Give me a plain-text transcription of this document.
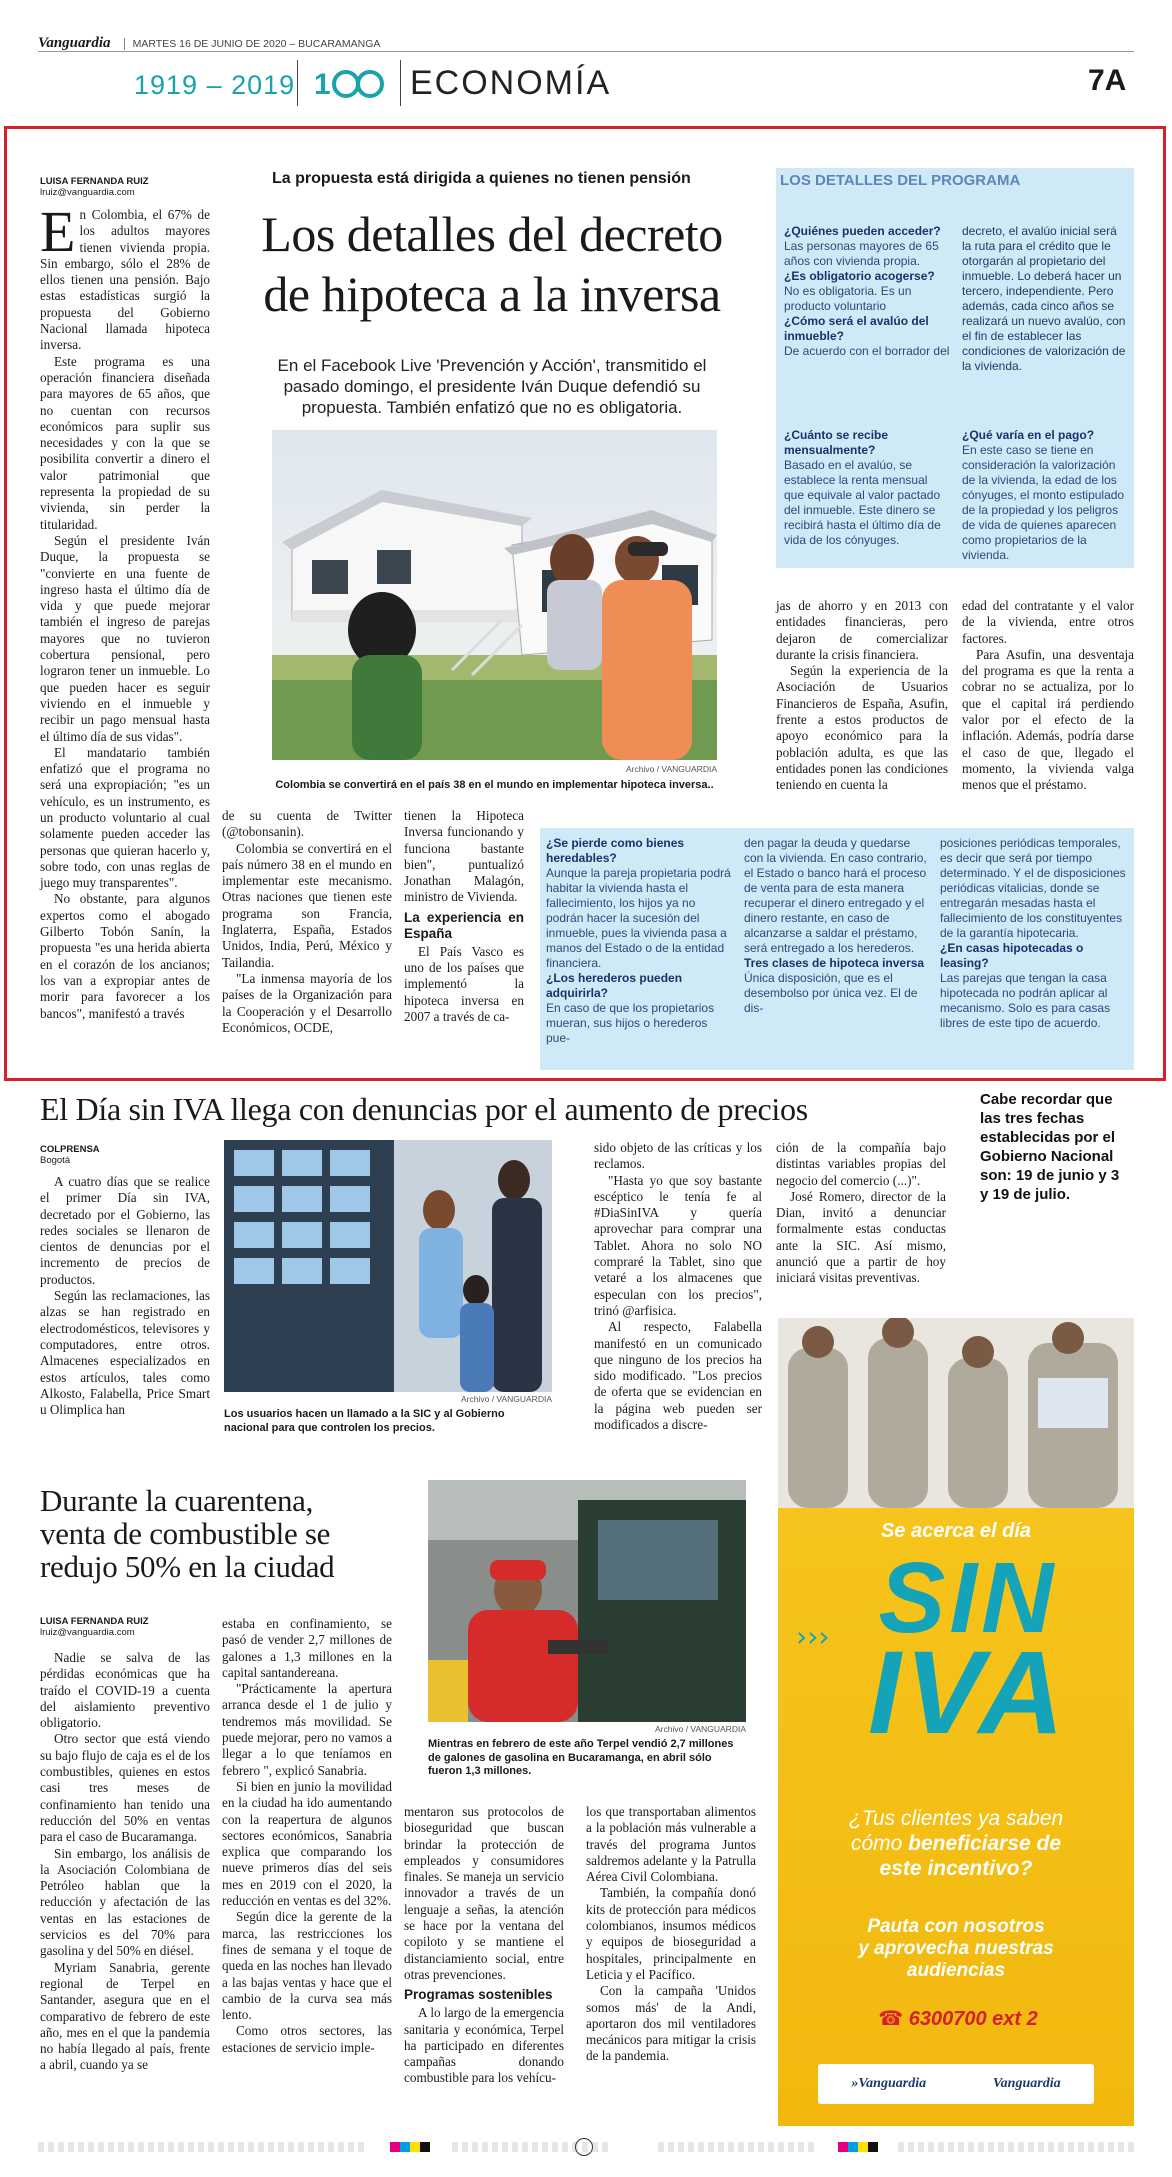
Vanguardia MARTES 16 DE JUNIO DE 2020 – BUCARAMANGA
1919 – 2019 1 ECONOMÍA	7A
LUISA FERNANDA RUIZ
lruiz@vanguardia.com
La propuesta está dirigida a quienes no tienen pensión
Los detalles del decreto
de hipoteca a la inversa
En el Facebook Live 'Prevención y Acción', transmitido el pasado domingo, el presidente Iván Duque defendió su propuesta. También enfatizó que no es obligatoria.
E n Colombia, el 67% de los adultos mayores tienen vivienda propia. Sin embargo, sólo el 28% de ellos tienen una pensión. Bajo estas estadísticas surgió la propuesta del Gobierno Nacional llamada hipoteca inversa.

Este programa es una operación financiera diseñada para mayores de 65 años, que no cuentan con recursos económicos para suplir sus necesidades y con la que se posibilita convertir a dinero el valor patrimonial que representa la propiedad de su vivienda, sin perder la titularidad.

Según el presidente Iván Duque, la propuesta se "convierte en una fuente de ingreso hasta el último día de vida y que puede mejorar también el ingreso de parejas mayores que no tuvieron cobertura pensional, pero lograron tener un inmueble. Lo que pueden hacer es seguir viviendo en el inmueble y recibir un pago mensual hasta el último día de sus vidas".

El mandatario también enfatizó que el programa no será una expropiación; "es un vehículo, es un instrumento, es un producto voluntario al cual solamente pueden acceder las personas que quieran hacerlo y, sobre todo, con unas reglas de juego muy transparentes".

No obstante, para algunos expertos como el abogado Gilberto Tobón Sanín, la propuesta "es una herida abierta en el corazón de los ancianos; los van a expropiar antes de morir para favorecer a los bancos", manifestó a través

Archivo / VANGUARDIA
Colombia se convertirá en el país 38 en el mundo en implementar hipoteca inversa..

de su cuenta de Twitter (@tobonsanin).

Colombia se convertirá en el país número 38 en el mundo en implementar este mecanismo. Otras naciones que tienen este programa son Francia, Inglaterra, España, Estados Unidos, India, Perú, México y Tailandia.

"La inmensa mayoría de los países de la Organización para la Cooperación y el Desarrollo Económicos, OCDE,

tienen la Hipoteca Inversa funcionando y funciona bastante bien", puntualizó Jonathan Malagón, ministro de Vivienda.

La experiencia en España

El País Vasco es uno de los países que implementó la hipoteca inversa en 2007 a través de ca-

jas de ahorro y en 2013 con entidades financieras, pero dejaron de comercializar durante la crisis financiera.

Según la experiencia de la Asociación de Usuarios Financieros de España, Asufin, frente a estos productos de apoyo económico para la población adulta, es que las entidades ponen las condiciones teniendo en cuenta la

edad del contratante y el valor de la vivienda, entre otros factores.

Para Asufin, una desventaja del programa es que la renta a cobrar no se actualiza, por lo que el capital irá perdiendo valor por el efecto de la inflación. Además, podría darse el caso de que, llegado el momento, la vivienda valga menos que el préstamo.

LOS DETALLES DEL PROGRAMA
¿Quiénes pueden acceder?
Las personas mayores de 65 años con vivienda propia.
¿Es obligatorio acogerse?
No es obligatoria. Es un producto voluntario
¿Cómo será el avalúo del inmueble?
De acuerdo con el borrador del
decreto, el avalúo inicial será la ruta para el crédito que le otorgarán al propietario del inmueble. Lo deberá hacer un tercero, independiente. Pero además, cada cinco años se realizará un nuevo avalúo, con el fin de establecer las condiciones de valorización de la vivienda.
¿Cuánto se recibe mensualmente?
Basado en el avalúo, se establece la renta mensual que equivale al valor pactado del inmueble. Este dinero se recibirá hasta el último día de vida de los cónyuges.
¿Qué varía en el pago?
En este caso se tiene en consideración la valorización de la vivienda, la edad de los cónyuges, el monto estipulado de la propiedad y los peligros de vida de quienes aparecen como propietarios de la vivienda.
¿Se pierde como bienes heredables?
Aunque la pareja propietaria podrá habitar la vivienda hasta el fallecimiento, los hijos ya no podrán hacer la sucesión del inmueble, pues la vivienda pasa a manos del Estado o de la entidad financiera.
¿Los herederos pueden adquirirla?
En caso de que los propietarios mueran, sus hijos o herederos pue-
den pagar la deuda y quedarse con la vivienda. En caso contrario, el Estado o banco hará el proceso de venta para de esta manera recuperar el dinero entregado y el dinero restante, en caso de alcanzarse a saldar el préstamo, será entregado a los herederos.
Tres clases de hipoteca inversa
Única disposición, que es el desembolso por única vez. El de dis-
posiciones periódicas temporales, es decir que será por tiempo determinado. Y el de disposiciones periódicas vitalicias, donde se entregarán mesadas hasta el fallecimiento de los constituyentes de la garantía hipotecaria.
¿En casas hipotecadas o leasing?
Las parejas que tengan la casa hipotecada no podrán aplicar al mecanismo. Solo es para casas libres de este tipo de acuerdo.
El Día sin IVA llega con denuncias por el aumento de precios
COLPRENSA
Bogotá

A cuatro días que se realice el primer Día sin IVA, decretado por el Gobierno, las redes sociales se llenaron de cientos de denuncias por el incremento de precios de productos.

Según las reclamaciones, las alzas se han registrado en electrodomésticos, televisores y computadores, entre otros. Almacenes especializados en estos artículos, tales como Alkosto, Falabella, Price Smart u Olimplica han

Archivo / VANGUARDIA
Los usuarios hacen un llamado a la SIC y al Gobierno nacional para que controlen los precios.

sido objeto de las críticas y los reclamos.

"Hasta yo que soy bastante escéptico le tenía fe al #DiaSinIVA y quería aprovechar para comprar una Tablet. Ahora no solo NO compraré la Tablet, sino que vetaré a los almacenes que especulan con los precios", trinó @arfisica.

Al respecto, Falabella manifestó en un comunicado que ninguno de los precios ha sido modificado. "Los precios de oferta que se evidencian en la página web pueden ser modificados a discre-

ción de la compañía bajo distintas variables propias del negocio del comercio (...)".

José Romero, director de la Dian, invitó a denunciar formalmente estas conductas ante la SIC. Así mismo, anunció que a partir de hoy iniciará visitas preventivas.

Cabe recordar que las tres fechas establecidas por el Gobierno Nacional son: 19 de junio y 3 y 19 de julio.
Durante la cuarentena,
venta de combustible se
redujo 50% en la ciudad
LUISA FERNANDA RUIZ
lruiz@vanguardia.com

Nadie se salva de las pérdidas económicas que ha traído el COVID-19 a cuenta del aislamiento preventivo obligatorio.

Otro sector que está viendo su bajo flujo de caja es el de los combustibles, quienes en estos casi tres meses de confinamiento han tenido una reducción del 50% en ventas para el caso de Bucaramanga.

Sin embargo, los análisis de la Asociación Colombiana de Petróleo hablan que la reducción y afectación de las ventas en las estaciones de servicios es del 70% para gasolina y del 50% en diésel.

Myriam Sanabria, gerente regional de Terpel en Santander, asegura que en el comparativo de febrero de este año, mes en el que la pandemia no había llegado al país, frente a abril, cuando ya se

estaba en confinamiento, se pasó de vender 2,7 millones de galones a 1,3 millones en la capital santandereana.

"Prácticamente la apertura arranca desde el 1 de julio y tendremos más movilidad. Se puede mejorar, pero no vamos a llegar a lo que teníamos en febrero ", explicó Sanabria.

Si bien en junio la movilidad en la ciudad ha ido aumentando con la reapertura de algunos sectores económicos, Sanabria explica que comparando los nueve primeros días del seis mes en 2019 con el 2020, la reducción en ventas es del 32%.

Según dice la gerente de la marca, las restricciones los fines de semana y el toque de queda en las noches han llevado a las bajas ventas y hace que el cambio de la curva sea más lento.

Como otros sectores, las estaciones de servicio imple-

Archivo / VANGUARDIA
Mientras en febrero de este año Terpel vendió 2,7 millones de galones de gasolina en Bucaramanga, en abril sólo fueron 1,3 millones.

mentaron sus protocolos de bioseguridad que buscan brindar la protección de empleados y consumidores finales. Se maneja un servicio innovador a través de un lenguaje a señas, la atención se hace por la ventana del copiloto y se mantiene el distanciamiento social, entre otras prevenciones.

Programas sostenibles

A lo largo de la emergencia sanitaria y económica, Terpel ha participado en diferentes campañas donando combustible para los vehícu-

los que transportaban alimentos a la población más vulnerable a través del programa Juntos saldremos adelante y la Patrulla Aérea Civil Colombiana.

También, la compañía donó kits de protección para médicos colombianos, insumos médicos y equipos de bioseguridad a hospitales, principalmente en Leticia y el Pacífico.

Con la campaña 'Unidos somos más' de la Andi, aportaron dos mil ventiladores mecánicos para mitigar la crisis de la pandemia.

Se acerca el día
SIN
IVA
›››
¿Tus clientes ya saben
cómo beneficiarse de
este incentivo?
Pauta con nosotros
y aprovecha nuestras
audiencias
☎ 6300700 ext 2
»Vanguardia	Vanguardia
